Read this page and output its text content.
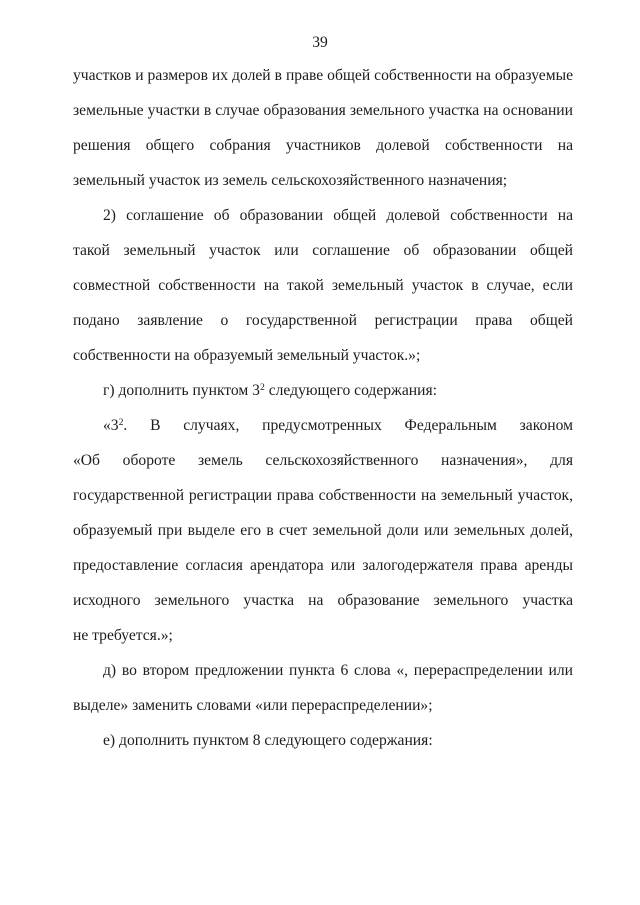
39

участков и размеров их долей в праве общей собственности на образуемые
земельные участки в случае образования земельного участка на основании
решения общего собрания участников долевой собственности на
земельный участок из земель сельскохозяйственного назначения;

2) соглашение об образовании общей долевой собственности на
такой земельный участок или соглашение об образовании общей
совместной собственности на такой земельный участок в случае, если
подано заявление о государственной регистрации права общей
собственности на образуемый земельный участок.»;

г) дополнить пунктом $3^2$ следующего содержания:

«$3^2$. В случаях, предусмотренных Федеральным законом
«Об обороте земель сельскохозяйственного назначения», для
государственной регистрации права собственности на земельный участок,
образуемый при выделе его в счет земельной доли или земельных долей,
предоставление согласия арендатора или залогодержателя права аренды
исходного земельного участка на образование земельного участка
не требуется.»;

д) во втором предложении пункта 6 слова «, перераспределении или
выделе» заменить словами «или перераспределении»;

е) дополнить пунктом 8 следующего содержания:
